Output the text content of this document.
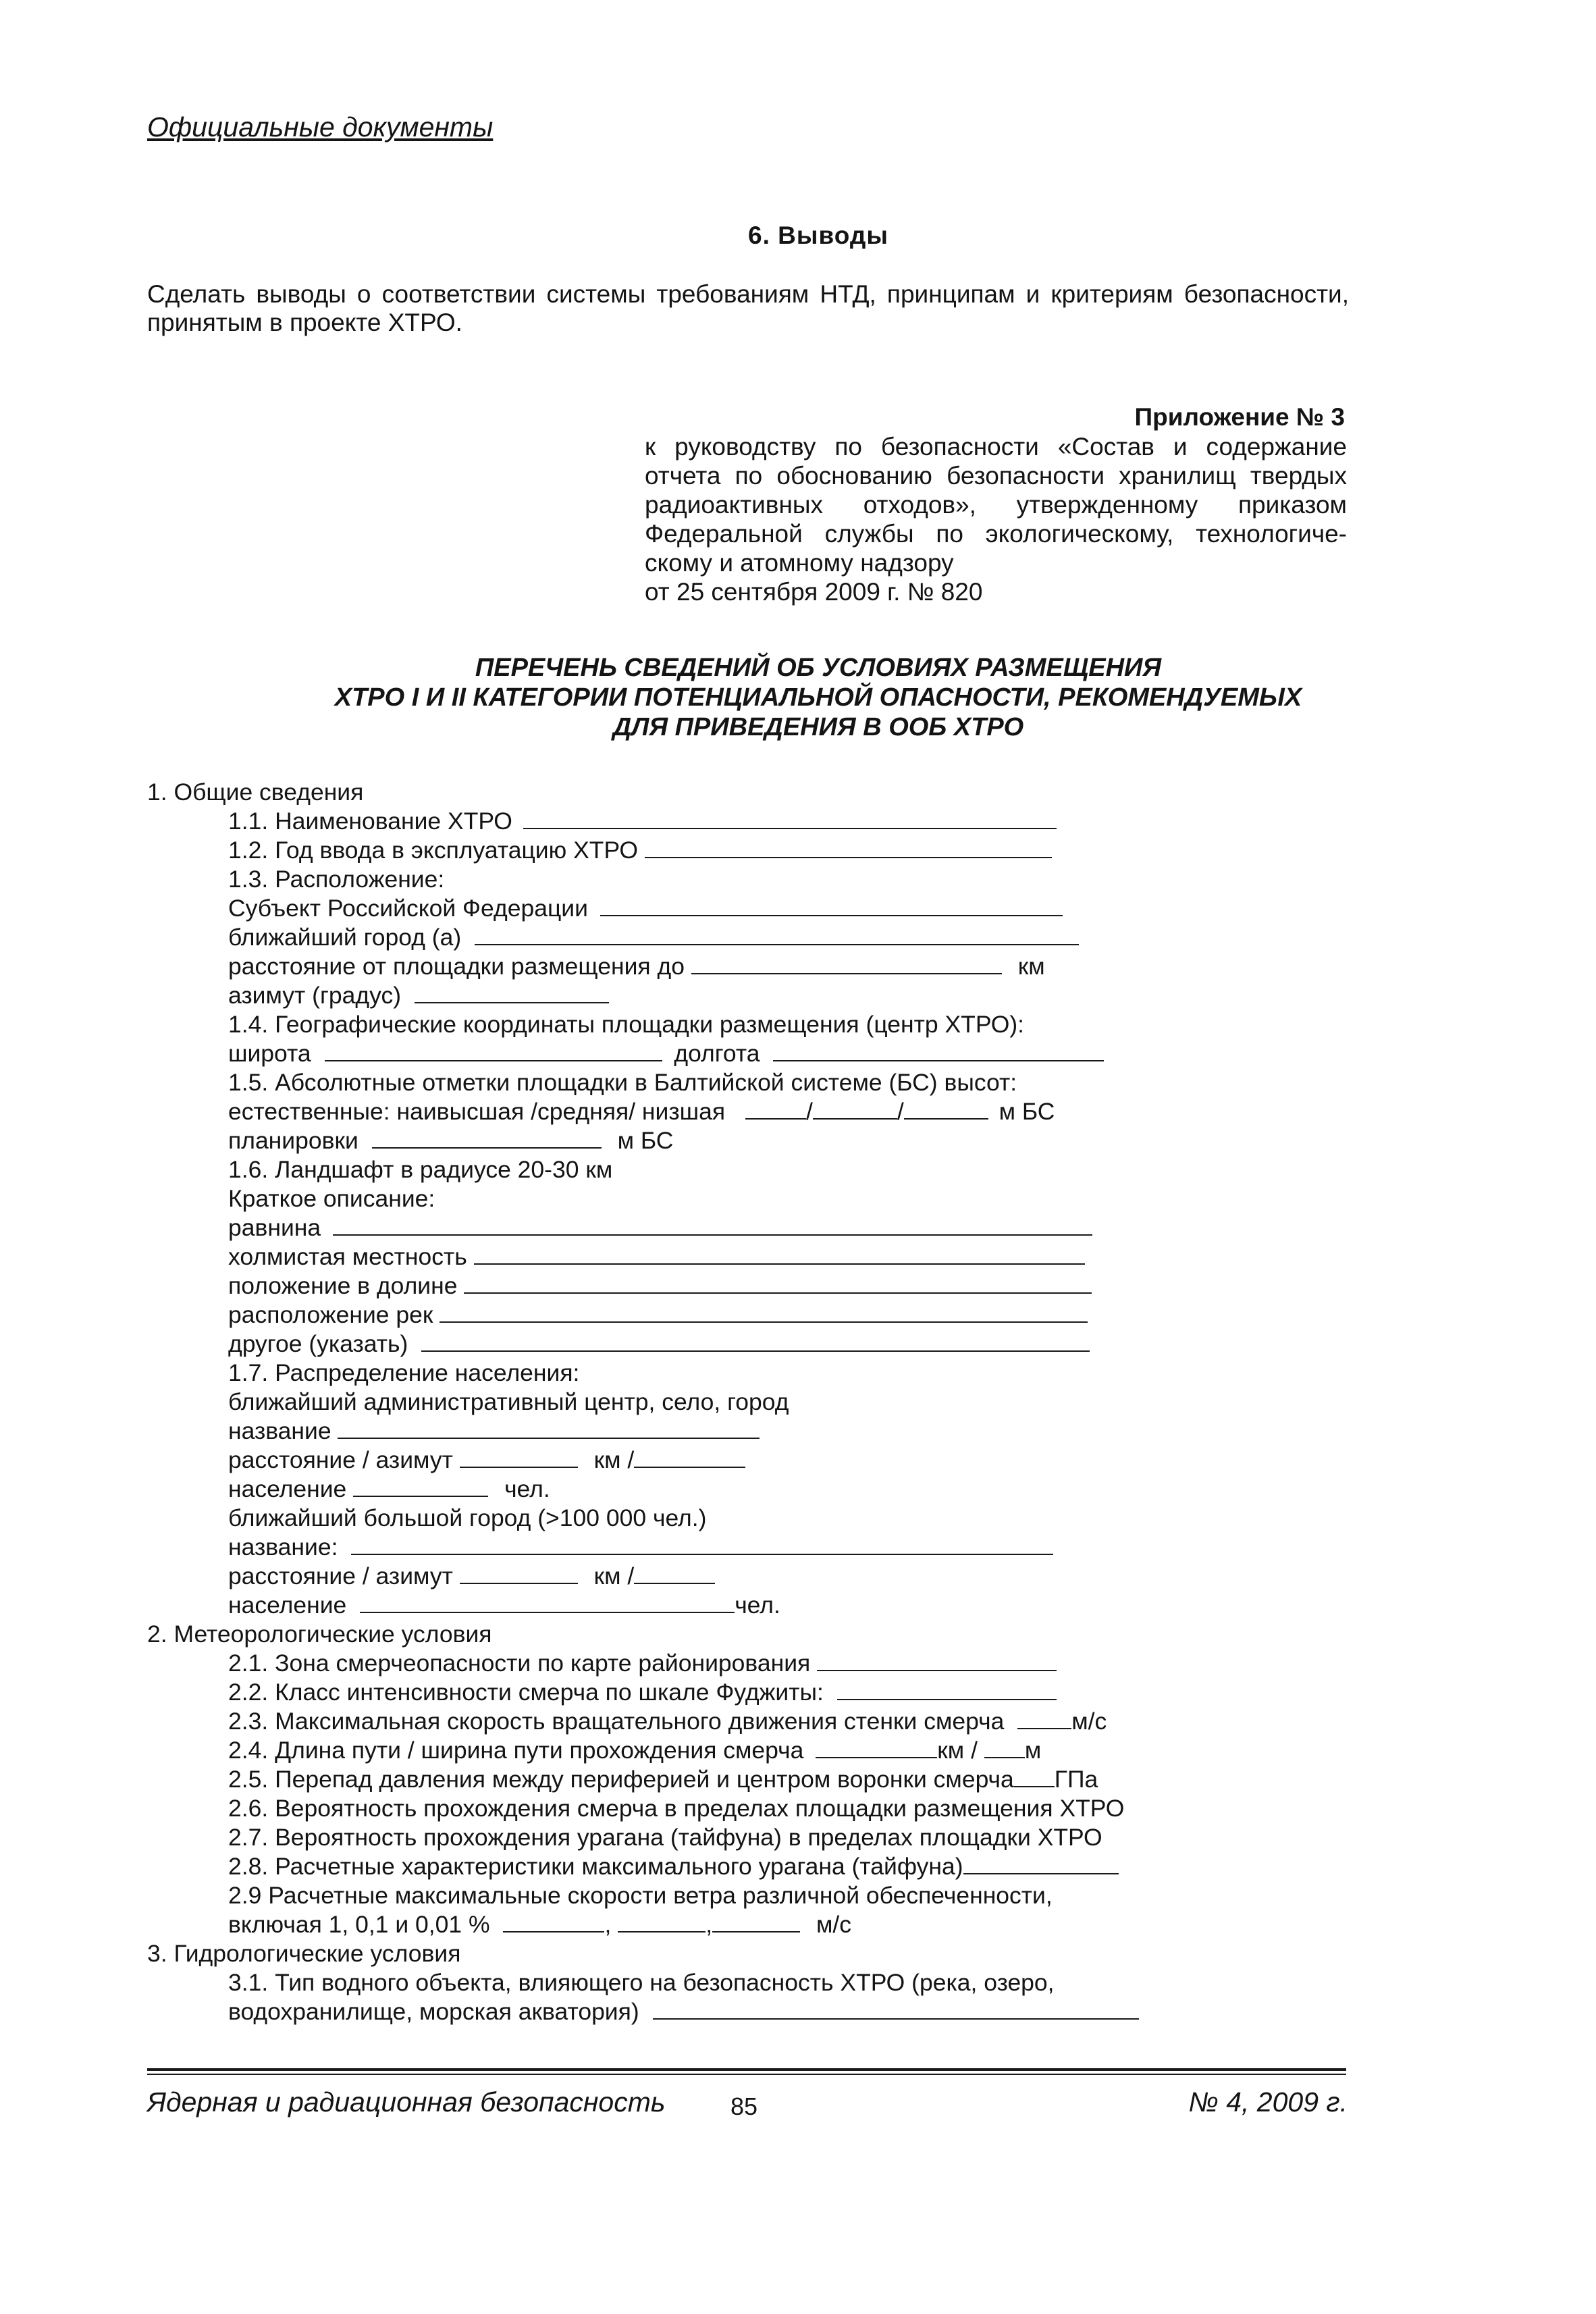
Официальные документы
6. Выводы
Сделать выводы о соответствии системы требованиям НТД, принципам и критериям безопасности, принятым в проекте ХТРО.
Приложение № 3
к руководству по безопасности «Состав и содержание
отчета по обоснованию безопасности хранилищ твердых
радиоактивных отходов», утвержденному приказом
Федеральной службы по экологическому, технологиче-
скому и атомному надзору
от 25 сентября 2009 г. № 820
ПЕРЕЧЕНЬ СВЕДЕНИЙ ОБ УСЛОВИЯХ РАЗМЕЩЕНИЯ
ХТРО I И II КАТЕГОРИИ ПОТЕНЦИАЛЬНОЙ ОПАСНОСТИ, РЕКОМЕНДУЕМЫХ
ДЛЯ ПРИВЕДЕНИЯ В ООБ ХТРО
1. Общие сведения
1.1. Наименование ХТРО
1.2. Год ввода в эксплуатацию ХТРО
1.3. Расположение:
Субъект Российской Федерации
ближайший город (а)
расстояние от площадки размещения до	км
азимут (градус)
1.4. Географические координаты площадки размещения (центр ХТРО):
широта	долгота
1.5. Абсолютные отметки площадки в Балтийской системе (БС) высот:
естественные: наивысшая /средняя/ низшая	/	/	м БС
планировки	м БС
1.6. Ландшафт в радиусе 20-30 км
Краткое описание:
равнина
холмистая местность
положение в долине
расположение рек
другое (указать)
1.7. Распределение населения:
ближайший административный центр, село, город
название
расстояние / азимут	км /
население	чел.
ближайший большой город (>100 000 чел.)
название:
расстояние / азимут	км /
население	чел.
2. Метеорологические условия
2.1. Зона смерчеопасности по карте районирования
2.2. Класс интенсивности смерча по шкале Фуджиты:
2.3. Максимальная скорость вращательного движения стенки смерча	м/с
2.4. Длина пути / ширина пути прохождения смерча	км / м
2.5. Перепад давления между периферией и центром воронки смерча ГПа
2.6. Вероятность прохождения смерча в пределах площадки размещения ХТРО
2.7. Вероятность прохождения урагана (тайфуна) в пределах площадки ХТРО
2.8. Расчетные характеристики максимального урагана (тайфуна)
2.9 Расчетные максимальные скорости ветра различной обеспеченности,
включая 1, 0,1 и 0,01 %	,	,	м/с
3. Гидрологические условия
3.1. Тип водного объекта, влияющего на безопасность ХТРО (река, озеро,
водохранилище, морская акватория)
Ядерная и радиационная безопасность	85	№ 4, 2009 г.
